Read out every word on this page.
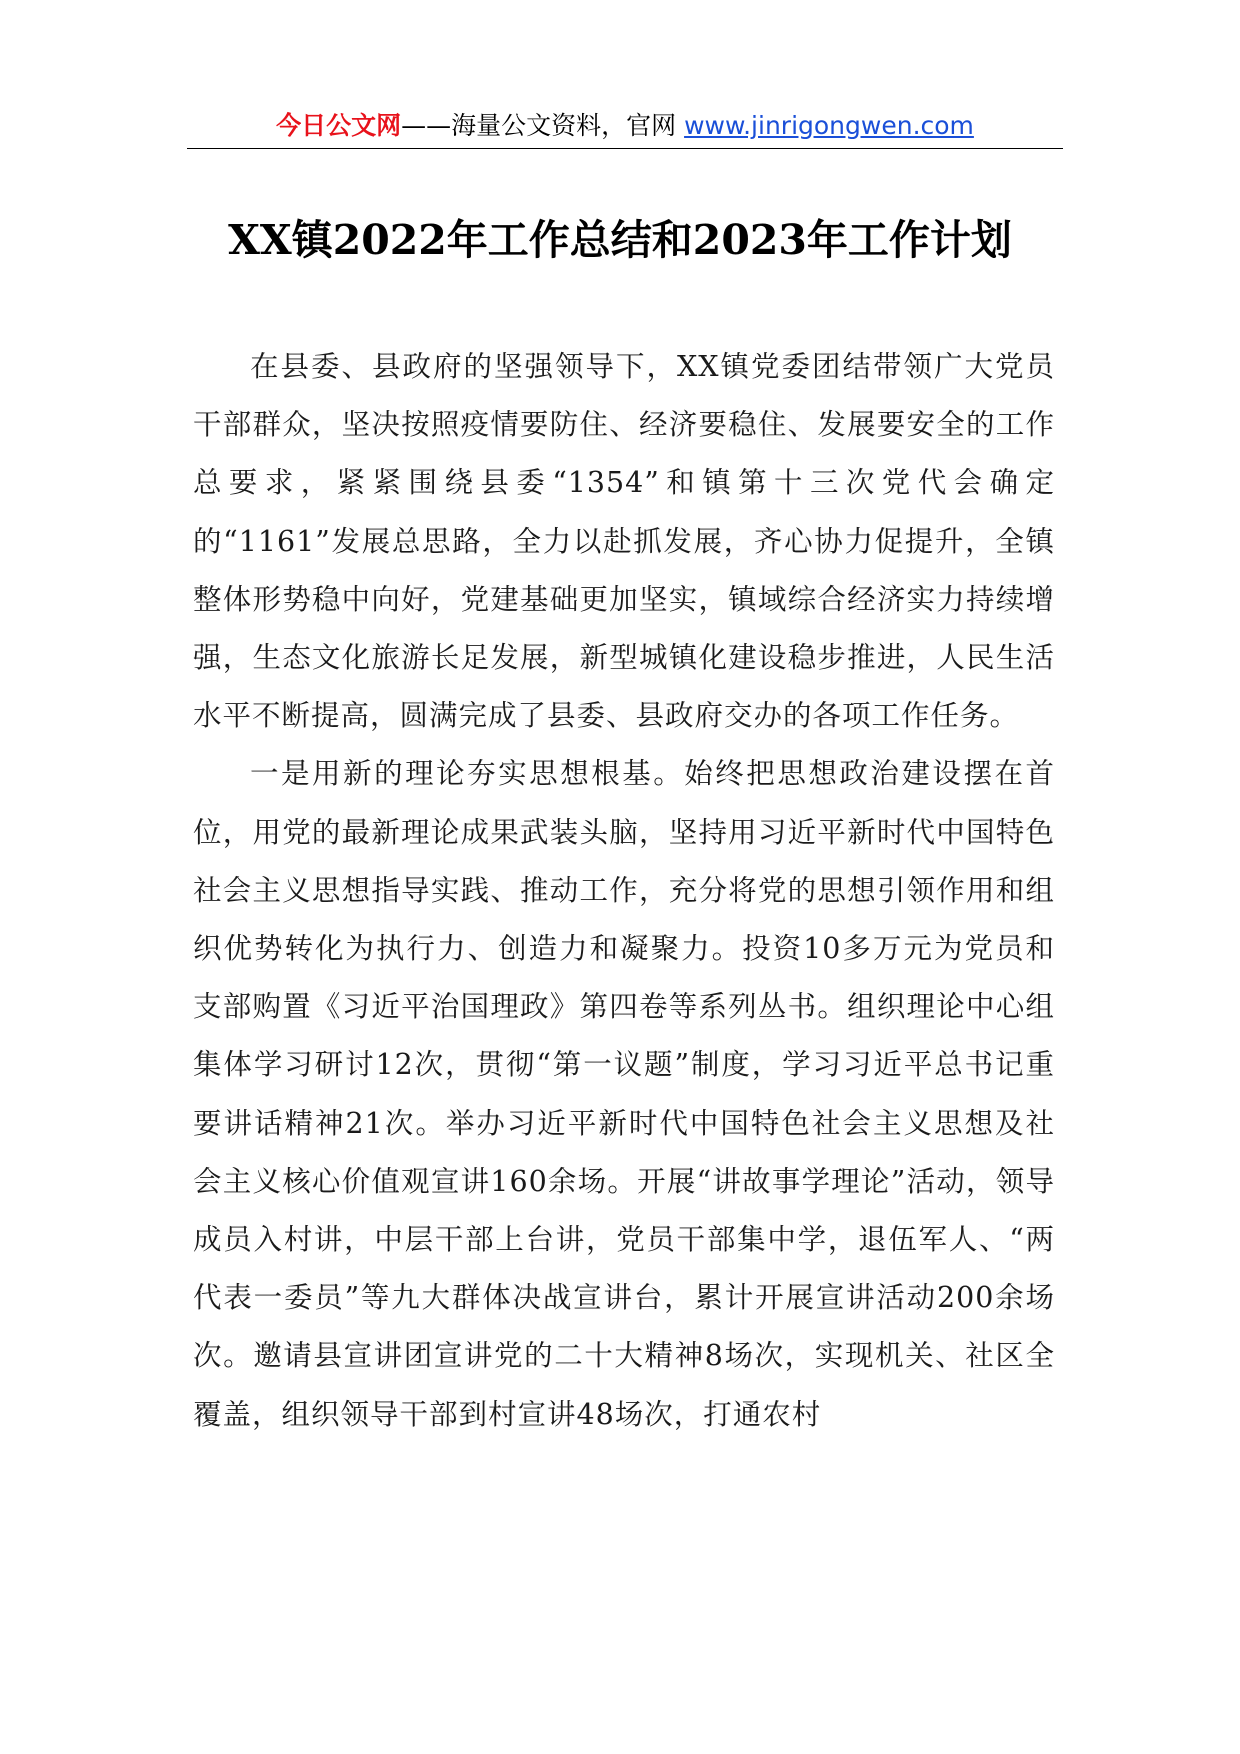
今日公文网——海量公文资料，官网 www.jinrigongwen.com
XX镇2022年工作总结和2023年工作计划

在县委、县政府的坚强领导下，XX镇党委团结带领广大党员干部群众，坚决按照疫情要防住、经济要稳住、发展要安全的工作总要求，紧紧围绕县委“1354”和镇第十三次党代会确定的“1161”发展总思路，全力以赴抓发展，齐心协力促提升，全镇整体形势稳中向好，党建基础更加坚实，镇域综合经济实力持续增强，生态文化旅游长足发展，新型城镇化建设稳步推进，人民生活水平不断提高，圆满完成了县委、县政府交办的各项工作任务。

一是用新的理论夯实思想根基。始终把思想政治建设摆在首位，用党的最新理论成果武装头脑，坚持用习近平新时代中国特色社会主义思想指导实践、推动工作，充分将党的思想引领作用和组织优势转化为执行力、创造力和凝聚力。投资10多万元为党员和支部购置《习近平治国理政》第四卷等系列丛书。组织理论中心组集体学习研讨12次，贯彻“第一议题”制度，学习习近平总书记重要讲话精神21次。举办习近平新时代中国特色社会主义思想及社会主义核心价值观宣讲160余场。开展“讲故事学理论”活动，领导成员入村讲，中层干部上台讲，党员干部集中学，退伍军人、“两代表一委员”等九大群体决战宣讲台，累计开展宣讲活动200余场次。邀请县宣讲团宣讲党的二十大精神8场次，实现机关、社区全覆盖，组织领导干部到村宣讲48场次，打通农村
